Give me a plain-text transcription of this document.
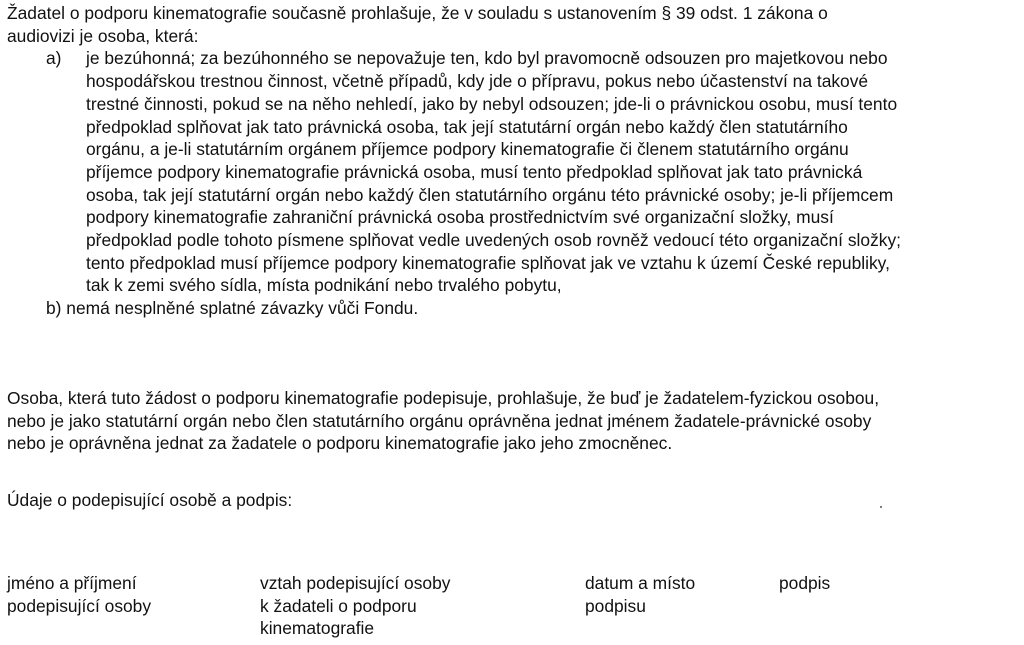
Žadatel o podporu kinematografie současně prohlašuje, že v souladu s ustanovením § 39 odst. 1 zákona o
audiovizi je osoba, která:

a)	je bezúhonná; za bezúhonného se nepovažuje ten, kdo byl pravomocně odsouzen pro majetkovou nebo
hospodářskou trestnou činnost, včetně případů, kdy jde o přípravu, pokus nebo účastenství na takové
trestné činnosti, pokud se na něho nehledí, jako by nebyl odsouzen; jde-li o právnickou osobu, musí tento
předpoklad splňovat jak tato právnická osoba, tak její statutární orgán nebo každý člen statutárního
orgánu, a je-li statutárním orgánem příjemce podpory kinematografie či členem statutárního orgánu
příjemce podpory kinematografie právnická osoba, musí tento předpoklad splňovat jak tato právnická
osoba, tak její statutární orgán nebo každý člen statutárního orgánu této právnické osoby; je-li příjemcem
podpory kinematografie zahraniční právnická osoba prostřednictvím své organizační složky, musí
předpoklad podle tohoto písmene splňovat vedle uvedených osob rovněž vedoucí této organizační složky;
tento předpoklad musí příjemce podpory kinematografie splňovat jak ve vztahu k území České republiky,
tak k zemi svého sídla, místa podnikání nebo trvalého pobytu,

b) nemá nesplněné splatné závazky vůči Fondu.

Osoba, která tuto žádost o podporu kinematografie podepisuje, prohlašuje, že buď je žadatelem-fyzickou osobou,
nebo je jako statutární orgán nebo člen statutárního orgánu oprávněna jednat jménem žadatele-právnické osoby
nebo je oprávněna jednat za žadatele o podporu kinematografie jako jeho zmocněnec.

Údaje o podepisující osobě a podpis:

jméno a příjmení
podepisující osoby
vztah podepisující osoby
k žadateli o podporu
kinematografie
datum a místo
podpisu
podpis
